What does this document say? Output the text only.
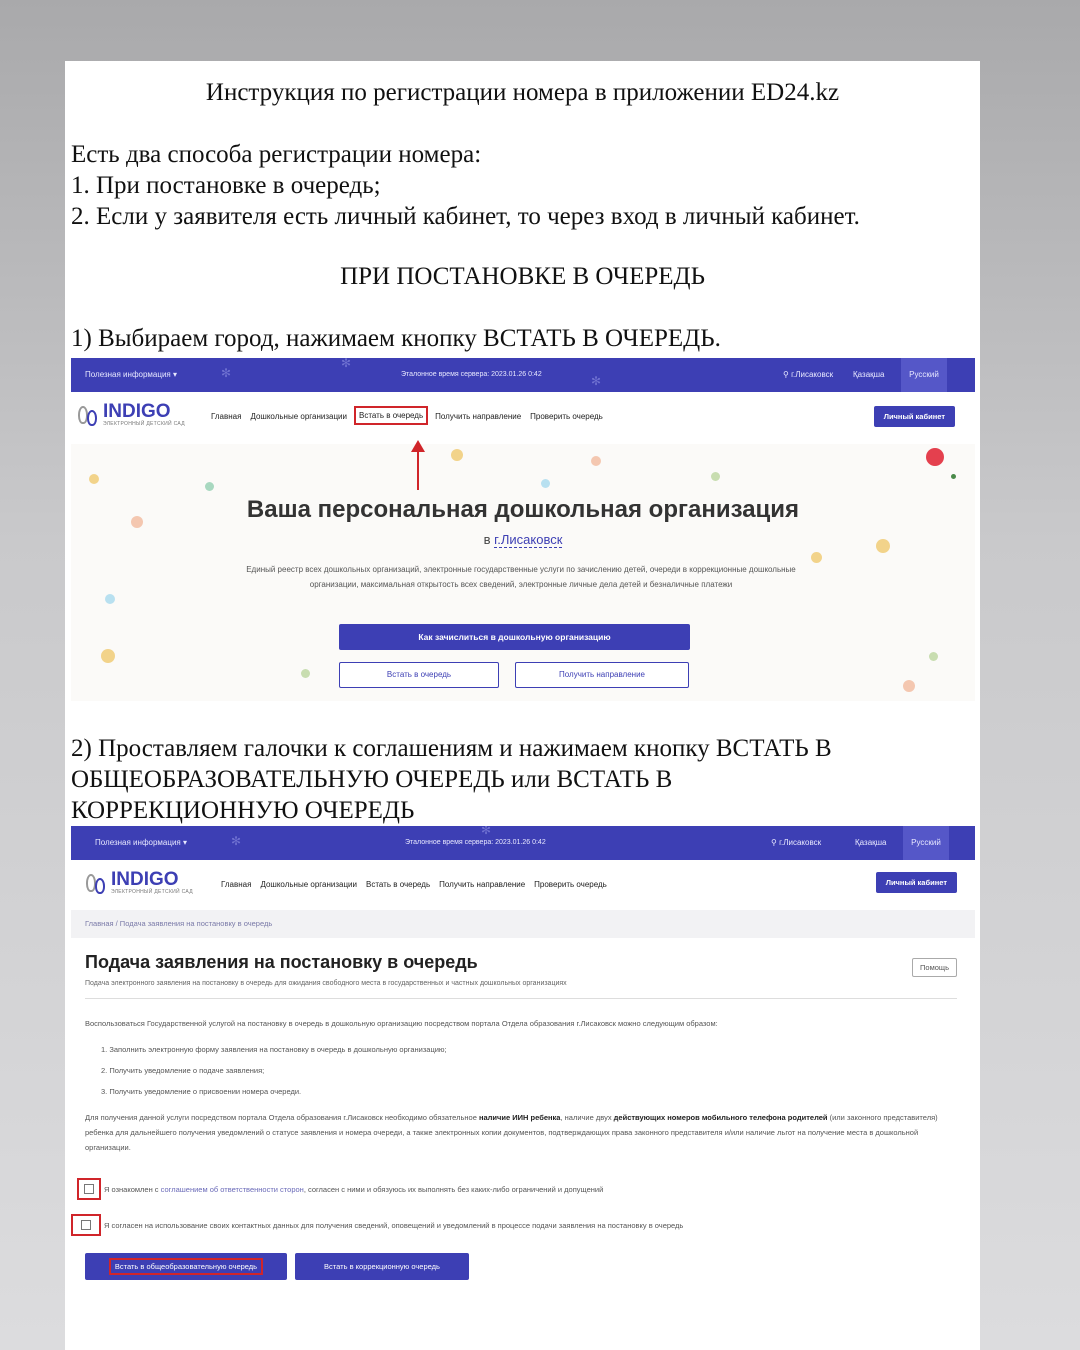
Инструкция по регистрации номера в приложении ED24.kz
Есть два способа регистрации номера:
1. При постановке в очередь;
2. Если у заявителя есть личный кабинет, то через вход в личный кабинет.
ПРИ ПОСТАНОВКЕ В ОЧЕРЕДЬ
1) Выбираем город, нажимаем кнопку ВСТАТЬ В ОЧЕРЕДЬ.
Полезная информация ▾	✻
✻
Эталонное время сервера: 2023.01.26 0:42	✻	⚲ г.Лисаковск Қазақша	Русский
INDIGO
ЭЛЕКТРОННЫЙ ДЕТСКИЙ САД
Главная Дошкольные организации	Встать в очередь	Получить направление Проверить очередь	Личный кабинет
Ваша персональная дошкольная организация
в г.Лисаковск
Единый реестр всех дошкольных организаций, электронные государственные услуги по зачислению детей, очереди в коррекционные дошкольные организации, максимальная открытость всех сведений, электронные личные дела детей и безналичные платежи
Как зачислиться в дошкольную организацию
Встать в очередь	Получить направление
2) Проставляем галочки к соглашениям и нажимаем кнопку ВСТАТЬ В
ОБЩЕОБРАЗОВАТЕЛЬНУЮ ОЧЕРЕДЬ или ВСТАТЬ В
КОРРЕКЦИОННУЮ ОЧЕРЕДЬ
Полезная информация ▾	✻
✻
Эталонное время сервера: 2023.01.26 0:42	⚲ г.Лисаковск	Қазақша	Русский
INDIGO
ЭЛЕКТРОННЫЙ ДЕТСКИЙ САД
Главная Дошкольные организации Встать в очередь Получить направление Проверить очередь	Личный кабинет
Главная / Подача заявления на постановку в очередь
Подача заявления на постановку в очередь
Подача электронного заявления на постановку в очередь для ожидания свободного места в государственных и частных дошкольных организациях
Помощь
Воспользоваться Государственной услугой на постановку в очередь в дошкольную организацию посредством портала Отдела образования г.Лисаковск можно следующим образом:
1. Заполнить электронную форму заявления на постановку в очередь в дошкольную организацию;
2. Получить уведомление о подаче заявления;
3. Получить уведомление о присвоении номера очереди.
Для получения данной услуги посредством портала Отдела образования г.Лисаковск необходимо обязательное наличие ИИН ребенка, наличие двух действующих номеров мобильного телефона родителей (или законного представителя) ребенка для дальнейшего получения уведомлений о статусе заявления и номера очереди, а также электронных копии документов, подтверждающих права законного представителя и/или наличие льгот на получение места в дошкольной организации.
Я ознакомлен с соглашением об ответственности сторон, согласен с ними и обязуюсь их выполнять без каких-либо ограничений и допущений
Я согласен на использование своих контактных данных для получения сведений, оповещений и уведомлений в процессе подачи заявления на постановку в очередь
Встать в общеобразовательную очередь	Встать в коррекционную очередь
